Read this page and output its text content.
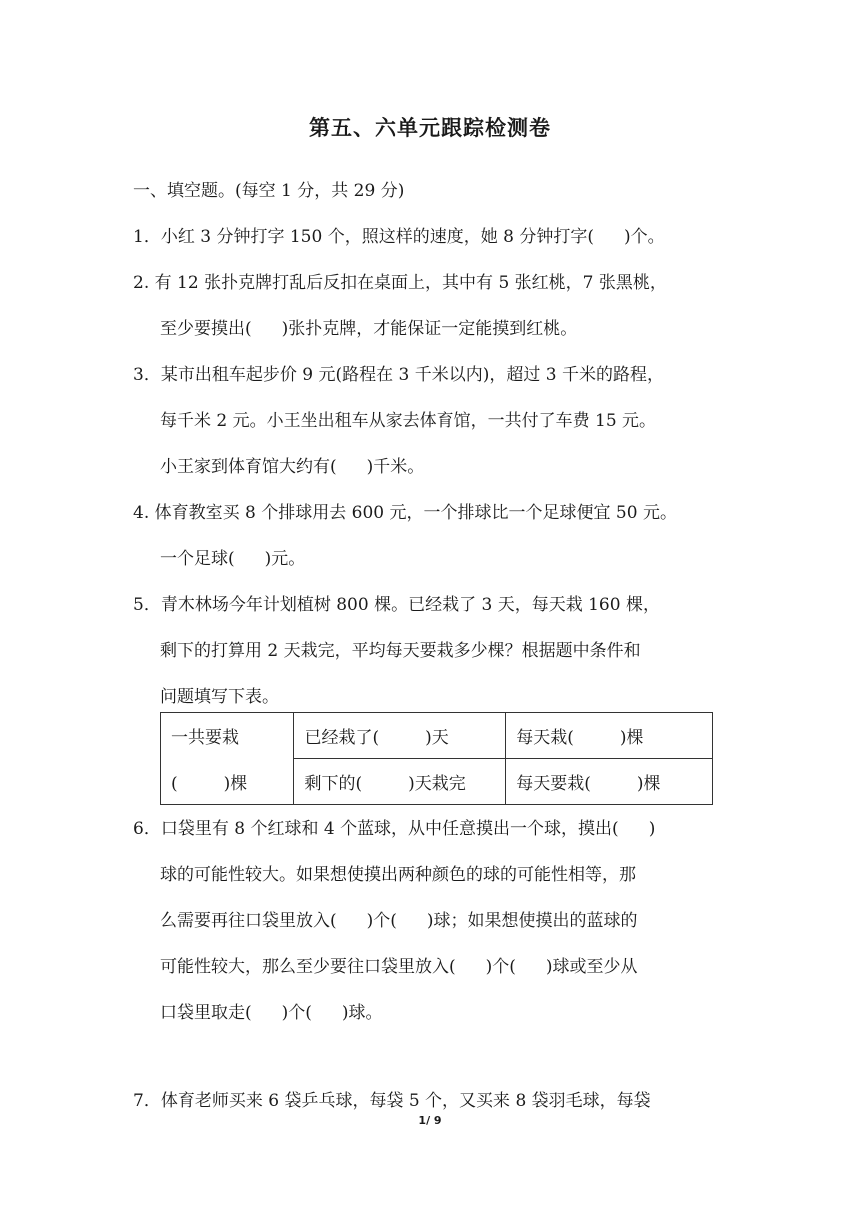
第五、六单元跟踪检测卷
一、填空题。(每空 1 分，共 29 分)
1．小红 3 分钟打字 150 个，照这样的速度，她 8 分钟打字( )个。
2. 有 12 张扑克牌打乱后反扣在桌面上，其中有 5 张红桃，7 张黑桃，
至少要摸出( )张扑克牌，才能保证一定能摸到红桃。
3．某市出租车起步价 9 元(路程在 3 千米以内)，超过 3 千米的路程，
每千米 2 元。小王坐出租车从家去体育馆，一共付了车费 15 元。
小王家到体育馆大约有( )千米。
4. 体育教室买 8 个排球用去 600 元，一个排球比一个足球便宜 50 元。
一个足球( )元。
5．青木林场今年计划植树 800 棵。已经栽了 3 天，每天栽 160 棵，
剩下的打算用 2 天栽完，平均每天要栽多少棵？根据题中条件和
问题填写下表。
一共要栽	已经栽了( )天	每天栽( )棵
( )棵	剩下的( )天栽完	每天要栽( )棵
6．口袋里有 8 个红球和 4 个蓝球，从中任意摸出一个球，摸出( )
球的可能性较大。如果想使摸出两种颜色的球的可能性相等，那
么需要再往口袋里放入( )个( )球；如果想使摸出的蓝球的
可能性较大，那么至少要往口袋里放入( )个( )球或至少从
口袋里取走( )个( )球。
7．体育老师买来 6 袋乒乓球，每袋 5 个，又买来 8 袋羽毛球，每袋
1/ 9
